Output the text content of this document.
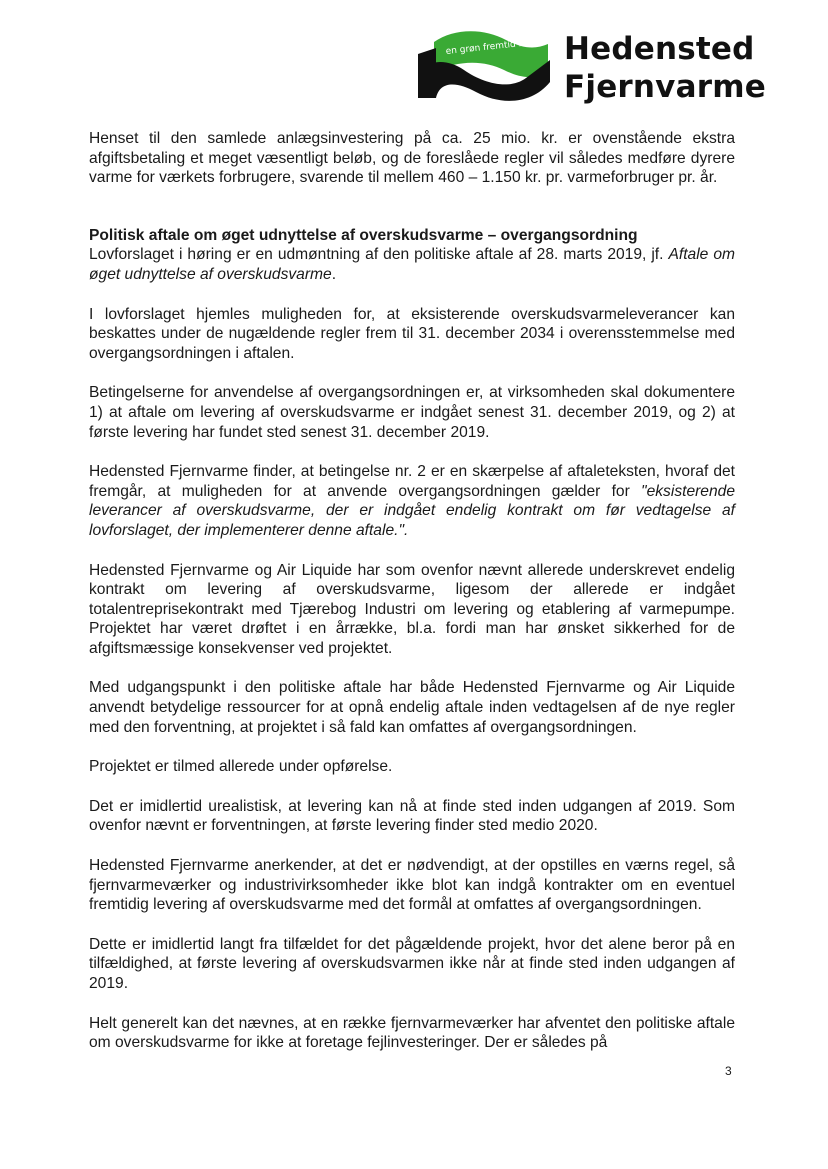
en grøn fremtid med ny energi
Hedensted
Fjernvarme

Henset til den samlede anlægsinvestering på ca. 25 mio. kr. er ovenstående ekstra afgiftsbetaling et meget væsentligt beløb, og de foreslåede regler vil således medføre dyrere varme for værkets forbrugere, svarende til mellem 460 – 1.150 kr. pr. varmeforbruger pr. år.

Politisk aftale om øget udnyttelse af overskudsvarme – overgangsordning

Lovforslaget i høring er en udmøntning af den politiske aftale af 28. marts 2019, jf. Aftale om øget udnyttelse af overskudsvarme.

I lovforslaget hjemles muligheden for, at eksisterende overskudsvarmeleverancer kan beskattes under de nugældende regler frem til 31. december 2034 i overensstemmelse med overgangsordningen i aftalen.

Betingelserne for anvendelse af overgangsordningen er, at virksomheden skal dokumentere 1) at aftale om levering af overskudsvarme er indgået senest 31. december 2019, og 2) at første levering har fundet sted senest 31. december 2019.

Hedensted Fjernvarme finder, at betingelse nr. 2 er en skærpelse af aftaleteksten, hvoraf det fremgår, at muligheden for at anvende overgangsordningen gælder for "eksisterende leverancer af overskudsvarme, der er indgået endelig kontrakt om før vedtagelse af lovforslaget, der implementerer denne aftale.".

Hedensted Fjernvarme og Air Liquide har som ovenfor nævnt allerede underskrevet endelig kontrakt om levering af overskudsvarme, ligesom der allerede er indgået totalentreprisekontrakt med Tjærebog Industri om levering og etablering af varmepumpe. Projektet har været drøftet i en årrække, bl.a. fordi man har ønsket sikkerhed for de afgiftsmæssige konsekvenser ved projektet.

Med udgangspunkt i den politiske aftale har både Hedensted Fjernvarme og Air Liquide anvendt betydelige ressourcer for at opnå endelig aftale inden vedtagelsen af de nye regler med den forventning, at projektet i så fald kan omfattes af overgangsordningen.

Projektet er tilmed allerede under opførelse.

Det er imidlertid urealistisk, at levering kan nå at finde sted inden udgangen af 2019. Som ovenfor nævnt er forventningen, at første levering finder sted medio 2020.

Hedensted Fjernvarme anerkender, at det er nødvendigt, at der opstilles en værns regel, så fjernvarmeværker og industrivirksomheder ikke blot kan indgå kontrakter om en eventuel fremtidig levering af overskudsvarme med det formål at omfattes af overgangsordningen.

Dette er imidlertid langt fra tilfældet for det pågældende projekt, hvor det alene beror på en tilfældighed, at første levering af overskudsvarmen ikke når at finde sted inden udgangen af 2019.

Helt generelt kan det nævnes, at en række fjernvarmeværker har afventet den politiske aftale om overskudsvarme for ikke at foretage fejlinvesteringer. Der er således på

3
